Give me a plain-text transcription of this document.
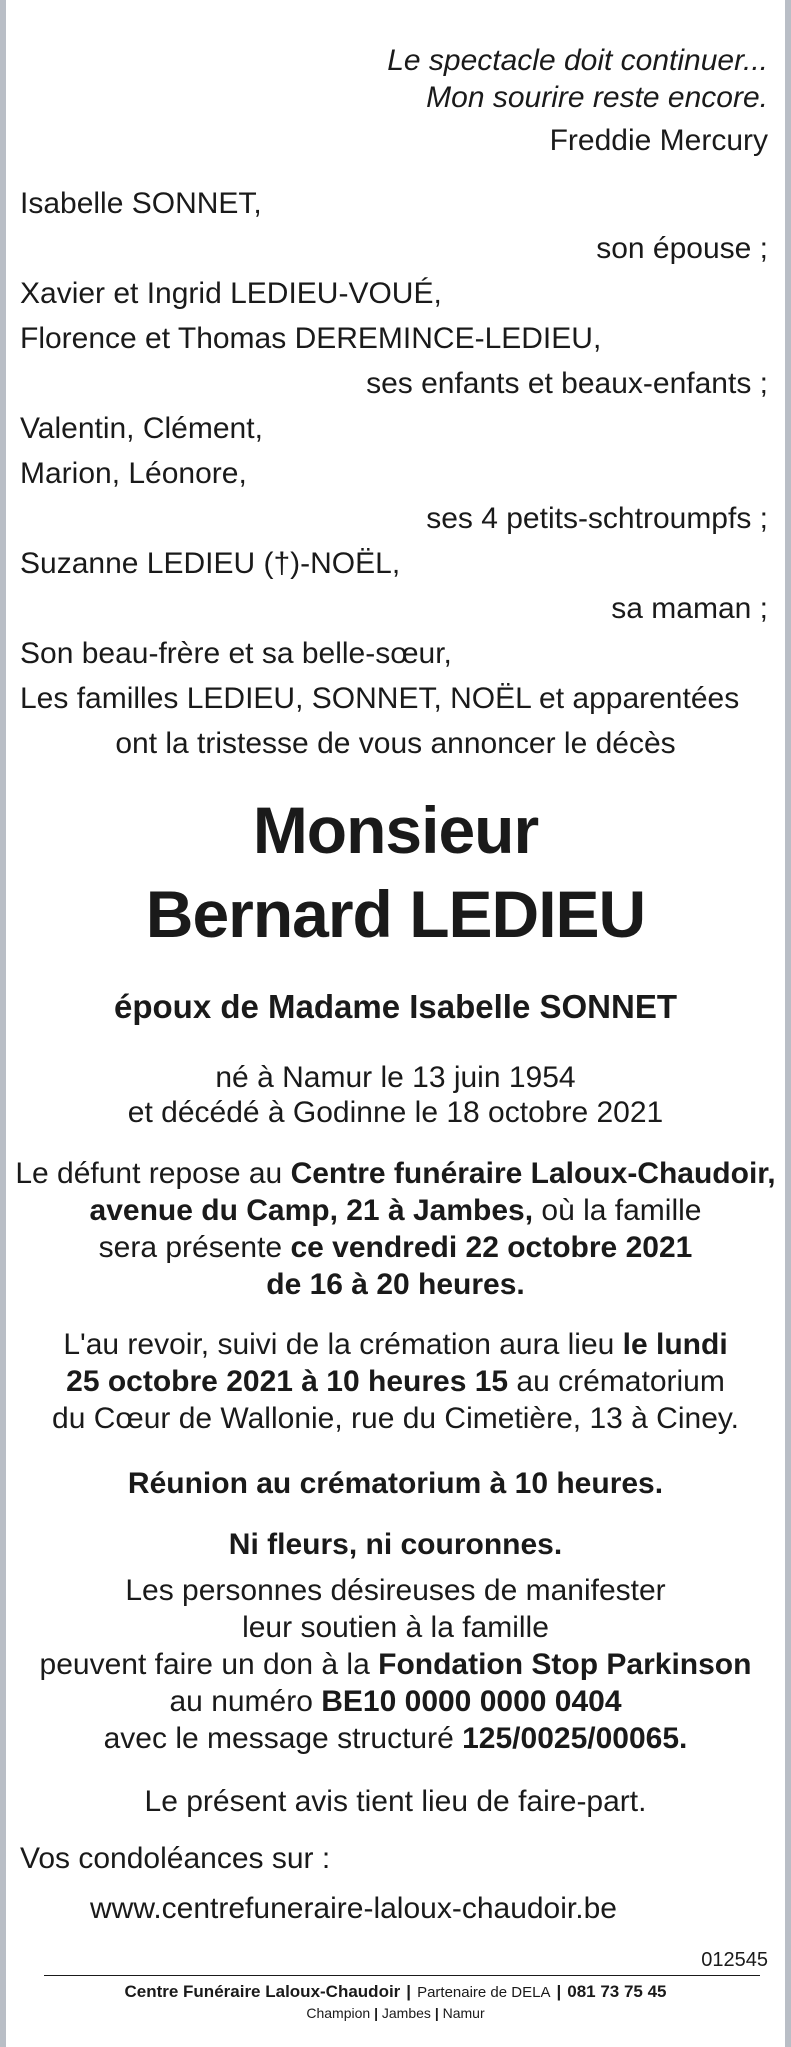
Le spectacle doit continuer...
Mon sourire reste encore.
Freddie Mercury
Isabelle SONNET,
son épouse ;
Xavier et Ingrid LEDIEU-VOUÉ,
Florence et Thomas DEREMINCE-LEDIEU,
ses enfants et beaux-enfants ;
Valentin, Clément,
Marion, Léonore,
ses 4 petits-schtroumpfs ;
Suzanne LEDIEU (†)-NOËL,
sa maman ;
Son beau-frère et sa belle-sœur,
Les familles LEDIEU, SONNET, NOËL et apparentées
ont la tristesse de vous annoncer le décès
Monsieur
Bernard LEDIEU
époux de Madame Isabelle SONNET
né à Namur le 13 juin 1954
et décédé à Godinne le 18 octobre 2021
Le défunt repose au Centre funéraire Laloux-Chaudoir,
avenue du Camp, 21 à Jambes, où la famille
sera présente ce vendredi 22 octobre 2021
de 16 à 20 heures.
L'au revoir, suivi de la crémation aura lieu le lundi
25 octobre 2021 à 10 heures 15 au crématorium
du Cœur de Wallonie, rue du Cimetière, 13 à Ciney.
Réunion au crématorium à 10 heures.
Ni fleurs, ni couronnes.
Les personnes désireuses de manifester
leur soutien à la famille
peuvent faire un don à la Fondation Stop Parkinson
au numéro BE10 0000 0000 0404
avec le message structuré 125/0025/00065.
Le présent avis tient lieu de faire-part.
Vos condoléances sur :
www.centrefuneraire-laloux-chaudoir.be
012545
Centre Funéraire Laloux-Chaudoir | Partenaire de DELA | 081 73 75 45
Champion | Jambes | Namur
